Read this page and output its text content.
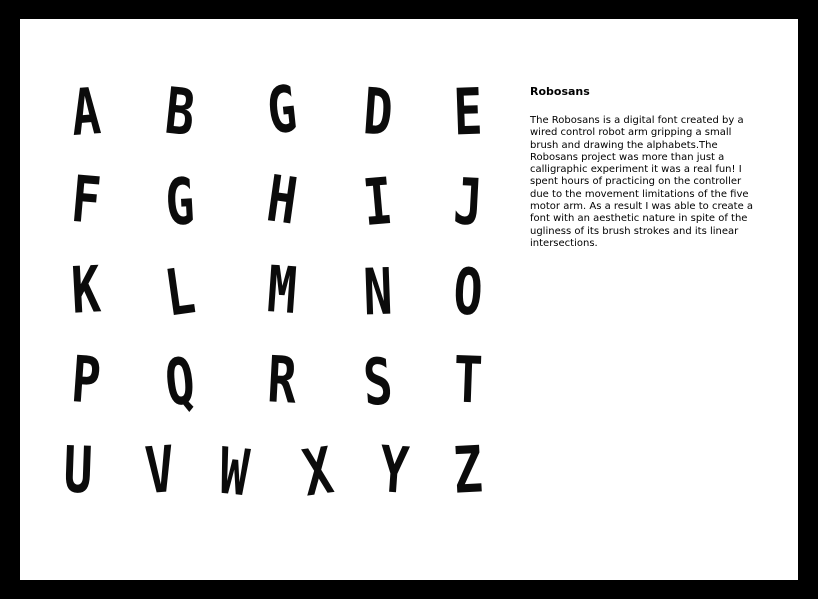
A B G D E
F G H I J
K L M N O
P Q R S T
U V W X Y Z
Robosans
The Robosans is a digital font created by a wired control robot arm gripping a small brush and drawing the alphabets.The Robosans project was more than just a calligraphic experiment it was a real fun! I spent hours of practicing on the controller due to the movement limitations of the five motor arm. As a result I was able to create a font with an aesthetic nature in spite of the ugliness of its brush strokes and its linear intersections.
